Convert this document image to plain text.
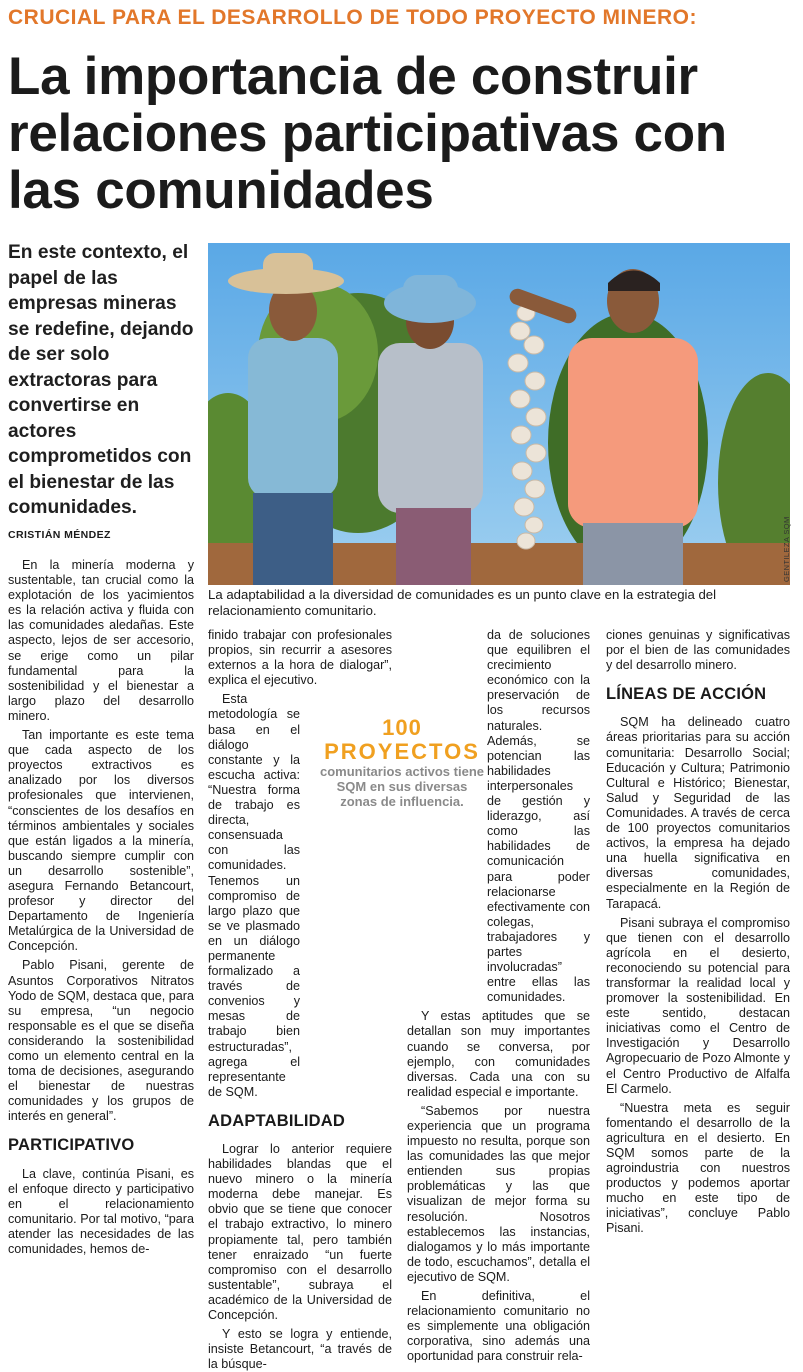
CRUCIAL PARA EL DESARROLLO DE TODO PROYECTO MINERO:
La importancia de construir relaciones participativas con las comunidades
En este contexto, el papel de las empresas mineras se redefine, dejando de ser solo extractoras para convertirse en actores comprometidos con el bienestar de las comunidades.
CRISTIÁN MÉNDEZ	GENTILEZA SQM
La adaptabilidad a la diversidad de comunidades es un punto clave en la estrategia del relacionamiento comunitario.

En la minería moderna y sustentable, tan crucial como la explotación de los yacimientos es la relación activa y fluida con las comunidades aledañas. Este aspecto, lejos de ser accesorio, se erige como un pilar fundamental para la sostenibilidad y el bienestar a largo plazo del desarrollo minero.

Tan importante es este tema que cada aspecto de los proyectos extractivos es analizado por los diversos profesionales que intervienen, “conscientes de los desafíos en términos ambientales y sociales que están ligados a la minería, buscando siempre cumplir con un desarrollo sostenible”, asegura Fernando Betancourt, profesor y director del Departamento de Ingeniería Metalúrgica de la Universidad de Concepción.

Pablo Pisani, gerente de Asuntos Corporativos Nitratos Yodo de SQM, destaca que, para su empresa, “un negocio responsable es el que se diseña considerando la sostenibilidad como un elemento central en la toma de decisiones, asegurando el bienestar de nuestras comunidades y los grupos de interés en general”.

PARTICIPATIVO

La clave, continúa Pisani, es el enfoque directo y participativo en el relacionamiento comunitario. Por tal motivo, “para atender las necesidades de las comunidades, hemos de-

finido trabajar con profesionales propios, sin recurrir a asesores externos a la hora de dialogar”, explica el ejecutivo.

Esta metodología se basa en el diálogo constante y la escucha activa: “Nuestra forma de trabajo es directa, consensuada con las comunidades. Tenemos un compromiso de largo plazo que se ve plasmado en un diálogo permanente formalizado a través de convenios y mesas de trabajo bien estructuradas”, agrega el representante de SQM.

ADAPTABILIDAD

Lograr lo anterior requiere habilidades blandas que el nuevo minero o la minería moderna debe manejar. Es obvio que se tiene que conocer el trabajo extractivo, lo minero propiamente tal, pero también tener enraizado “un fuerte compromiso con el desarrollo sustentable”, subraya el académico de la Universidad de Concepción.

Y esto se logra y entiende, insiste Betancourt, “a través de la búsque-

da de soluciones que equilibren el crecimiento económico con la preservación de los recursos naturales. Además, se potencian las habilidades interpersonales de gestión y liderazgo, así como las habilidades de comunicación para poder relacionarse efectivamente con colegas, trabajadores y partes involucradas” entre ellas las comunidades.

Y estas aptitudes que se detallan son muy importantes cuando se conversa, por ejemplo, con comunidades diversas. Cada una con su realidad especial e importante.

“Sabemos por nuestra experiencia que un programa impuesto no resulta, porque son las comunidades las que mejor entienden sus propias problemáticas y las que visualizan de mejor forma su resolución. Nosotros establecemos las instancias, dialogamos y lo más importante de todo, escuchamos”, detalla el ejecutivo de SQM.

En definitiva, el relacionamiento comunitario no es simplemente una obligación corporativa, sino además una oportunidad para construir rela-

ciones genuinas y significativas por el bien de las comunidades y del desarrollo minero.

LÍNEAS DE ACCIÓN

SQM ha delineado cuatro áreas prioritarias para su acción comunitaria: Desarrollo Social; Educación y Cultura; Patrimonio Cultural e Histórico; Bienestar, Salud y Seguridad de las Comunidades. A través de cerca de 100 proyectos comunitarios activos, la empresa ha dejado una huella significativa en diversas comunidades, especialmente en la Región de Tarapacá.

Pisani subraya el compromiso que tienen con el desarrollo agrícola en el desierto, reconociendo su potencial para transformar la realidad local y promover la sostenibilidad. En este sentido, destacan iniciativas como el Centro de Investigación y Desarrollo Agropecuario de Pozo Almonte y el Centro Productivo de Alfalfa El Carmelo.

“Nuestra meta es seguir fomentando el desarrollo de la agricultura en el desierto. En SQM somos parte de la agroindustria con nuestros productos y podemos aportar mucho en este tipo de iniciativas”, concluye Pablo Pisani.

100
PROYECTOS
comunitarios activos tiene SQM en sus diversas zonas de influencia.
